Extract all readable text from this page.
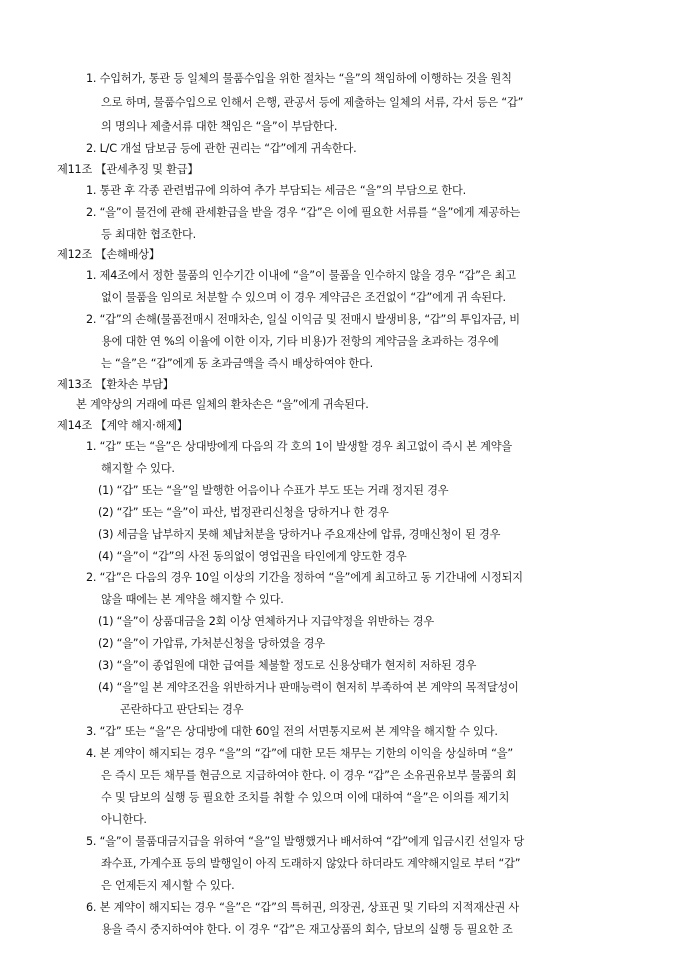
1. 수입허가, 통관 등 일체의 물품수입을 위한 절차는 “을”의 책임하에 이행하는 것을 원칙
으로 하며, 물품수입으로 인해서 은행, 관공서 등에 제출하는 일체의 서류, 각서 등은 “갑”
의 명의나 제출서류 대한 책임은 “을”이 부담한다.
2. L/C 개설 담보금 등에 관한 권리는 “갑”에게 귀속한다.
제11조 【관세추징 및 환급】
1. 통관 후 각종 관련법규에 의하여 추가 부담되는 세금은 “을”의 부담으로 한다.
2. “을”이 물건에 관해 관세환급을 받을 경우 “갑”은 이에 필요한 서류를 “을”에게 제공하는
등 최대한 협조한다.
제12조 【손해배상】
1. 제4조에서 정한 물품의 인수기간 이내에 “을”이 물품을 인수하지 않을 경우 “갑”은 최고
없이 물품을 임의로 처분할 수 있으며 이 경우 계약금은 조건없이 “갑”에게 귀 속된다.
2. “갑”의 손해(물품전매시 전매차손, 일실 이익금 및 전매시 발생비용, “갑”의 투입자금, 비
용에 대한 연 %의 이율에 이한 이자, 기타 비용)가 전항의 계약금을 초과하는 경우에
는 “을”은 “갑”에게 동 초과금액을 즉시 배상하여야 한다.
제13조 【환차손 부담】
본 계약상의 거래에 따른 일체의 환차손은 “을”에게 귀속된다.
제14조 【계약 해지·해제】
1. “갑” 또는 “을”은 상대방에게 다음의 각 호의 1이 발생할 경우 최고없이 즉시 본 계약을
해지할 수 있다.
(1) “갑” 또는 “을”일 발행한 어음이나 수표가 부도 또는 거래 정지된 경우
(2) “갑” 또는 “을”이 파산, 법정관리신청을 당하거나 한 경우
(3) 세금을 납부하지 못해 체납처분을 당하거나 주요재산에 압류, 경매신청이 된 경우
(4) “을”이 “갑”의 사전 동의없이 영업권을 타인에게 양도한 경우
2. “갑”은 다음의 경우 10일 이상의 기간을 정하여 “을”에게 최고하고 동 기간내에 시정되지
않을 때에는 본 계약을 해지할 수 있다.
(1) “을”이 상품대금을 2회 이상 연체하거나 지급약정을 위반하는 경우
(2) “을”이 가압류, 가처분신청을 당하였을 경우
(3) “을”이 종업원에 대한 급여를 체불할 정도로 신용상태가 현저히 저하된 경우
(4) “을”일 본 계약조건을 위반하거나 판매능력이 현저히 부족하여 본 계약의 목적달성이
곤란하다고 판단되는 경우
3. “갑” 또는 “을”은 상대방에 대한 60일 전의 서면통지로써 본 계약을 해지할 수 있다.
4. 본 계약이 해지되는 경우 “을”의 “갑”에 대한 모든 채무는 기한의 이익을 상실하며 “을”
은 즉시 모든 채무를 현금으로 지급하여야 한다. 이 경우 “갑”은 소유권유보부 물품의 회
수 및 담보의 실행 등 필요한 조치를 취할 수 있으며 이에 대하여 “을”은 이의를 제기치
아니한다.
5. “을”이 물품대금지급을 위하여 “을”일 발행했거나 배서하여 “갑”에게 입금시킨 선일자 당
좌수표, 가계수표 등의 발행일이 아직 도래하지 않았다 하더라도 계약해지일로 부터 “갑”
은 언제든지 제시할 수 있다.
6. 본 계약이 해지되는 경우 “을”은 “갑”의 특허권, 의장권, 상표권 및 기타의 지적재산권 사
용을 즉시 중지하여야 한다. 이 경우 “갑”은 재고상품의 회수, 담보의 실행 등 필요한 조
